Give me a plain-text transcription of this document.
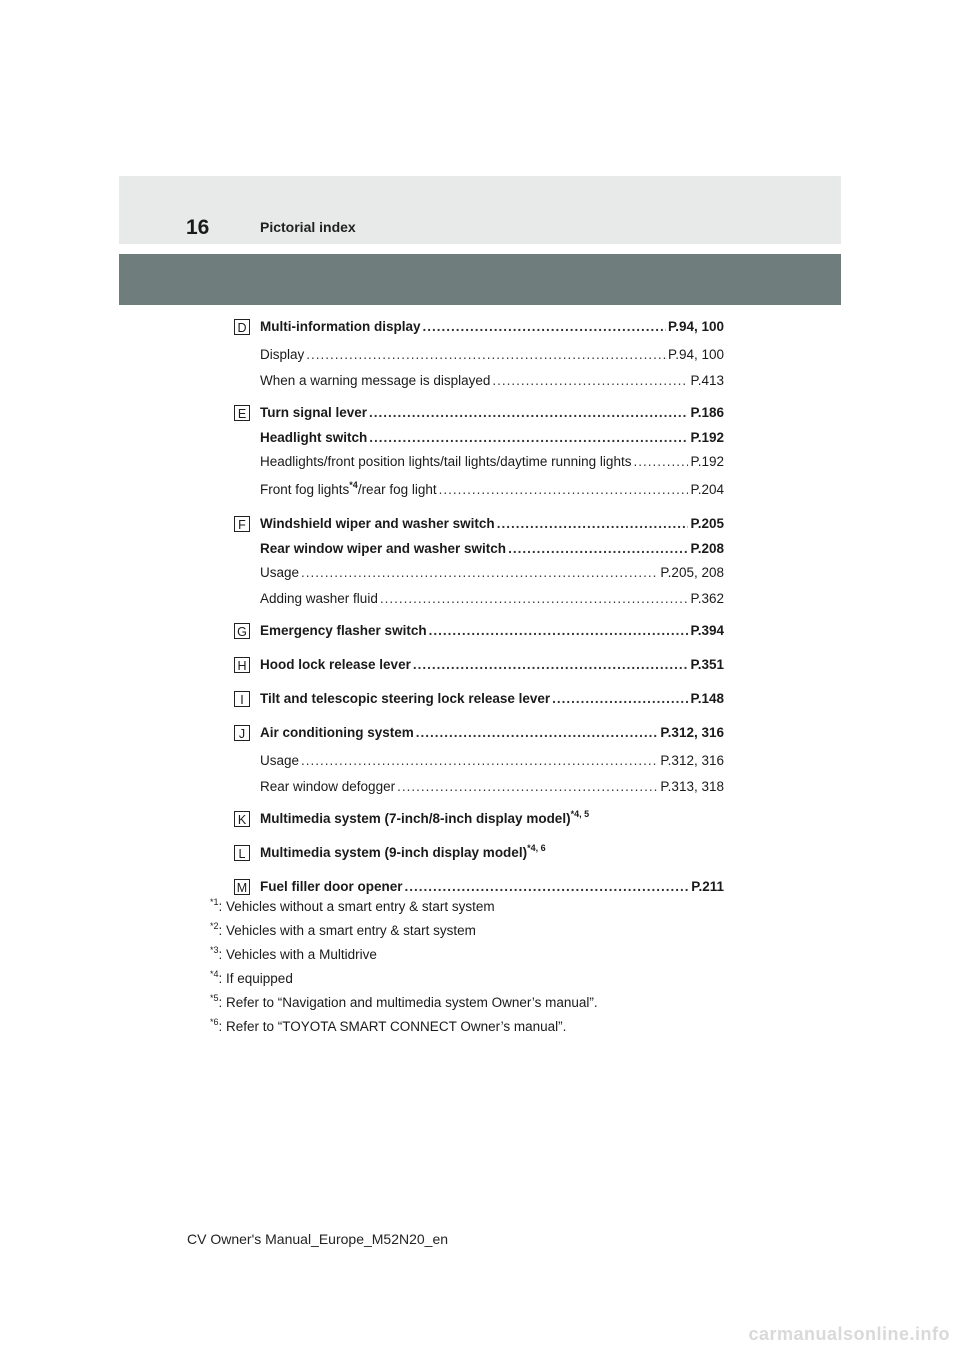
16	Pictorial index
D Multi-information display .....	P.94, 100
Display .....	P.94, 100
When a warning message is displayed .....	P.413
E Turn signal lever .....	P.186
Headlight switch .....	P.192
Headlights/front position lights/tail lights/daytime running lights .....	P.192
Front fog lights$^{*4}$/rear fog light .....	P.204
F	Windshield wiper and washer switch .....	P.205
Rear window wiper and washer switch .....	P.208
Usage .....	P.205, 208
Adding washer fluid .....	P.362
G Emergency flasher switch .....	P.394
H Hood lock release lever .....	P.351
I	Tilt and telescopic steering lock release lever .....	P.148
J	Air conditioning system .....	P.312, 316
Usage .....	P.312, 316
Rear window defogger .....	P.313, 318
K Multimedia system (7-inch/8-inch display model)$^{*4, 5}$
L	Multimedia system (9-inch display model)$^{*4, 6}$
M Fuel filler door opener .....	P.211
$^{*1}$: Vehicles without a smart entry & start system
$^{*2}$: Vehicles with a smart entry & start system
$^{*3}$: Vehicles with a Multidrive
$^{*4}$: If equipped
$^{*5}$: Refer to “Navigation and multimedia system Owner’s manual”.
$^{*6}$: Refer to “TOYOTA SMART CONNECT Owner’s manual”.
CV Owner's Manual_Europe_M52N20_en
carmanualsonline.info
